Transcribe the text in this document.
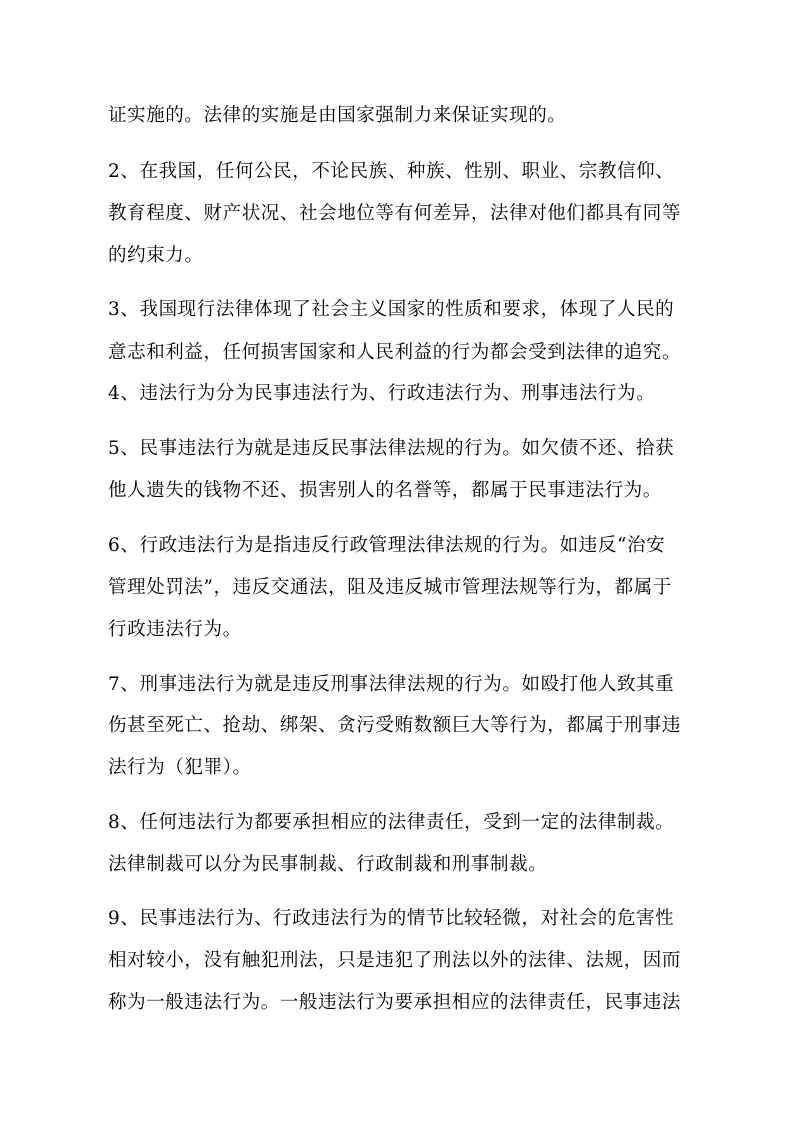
证实施的。法律的实施是由国家强制力来保证实现的。
2、在我国，任何公民，不论民族、种族、性别、职业、宗教信仰、
教育程度、财产状况、社会地位等有何差异，法律对他们都具有同等
的约束力。
3、我国现行法律体现了社会主义国家的性质和要求，体现了人民的
意志和利益，任何损害国家和人民利益的行为都会受到法律的追究。
4、违法行为分为民事违法行为、行政违法行为、刑事违法行为。
5、民事违法行为就是违反民事法律法规的行为。如欠债不还、拾获
他人遗失的钱物不还、损害别人的名誉等，都属于民事违法行为。
6、行政违法行为是指违反行政管理法律法规的行为。如违反“治安
管理处罚法”，违反交通法，阻及违反城市管理法规等行为，都属于
行政违法行为。
7、刑事违法行为就是违反刑事法律法规的行为。如殴打他人致其重
伤甚至死亡、抢劫、绑架、贪污受贿数额巨大等行为，都属于刑事违
法行为（犯罪）。
8、任何违法行为都要承担相应的法律责任，受到一定的法律制裁。
法律制裁可以分为民事制裁、行政制裁和刑事制裁。
9、民事违法行为、行政违法行为的情节比较轻微，对社会的危害性
相对较小，没有触犯刑法，只是违犯了刑法以外的法律、法规，因而
称为一般违法行为。一般违法行为要承担相应的法律责任，民事违法
